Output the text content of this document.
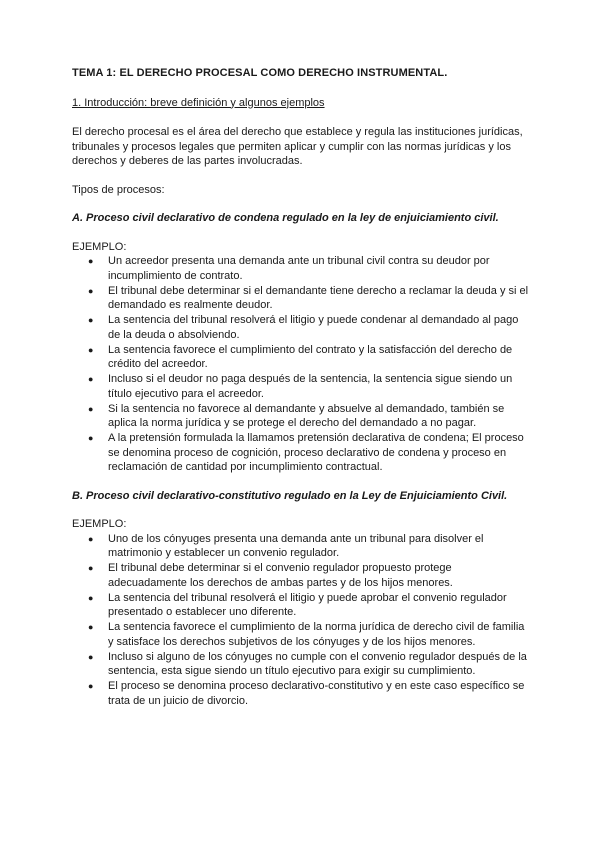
TEMA 1: EL DERECHO PROCESAL COMO DERECHO INSTRUMENTAL.
1. Introducción: breve definición y algunos ejemplos
El derecho procesal es el área del derecho que establece y regula las instituciones jurídicas, tribunales y procesos legales que permiten aplicar y cumplir con las normas jurídicas y los derechos y deberes de las partes involucradas.
Tipos de procesos:
A. Proceso civil declarativo de condena regulado en la ley de enjuiciamiento civil.
EJEMPLO:
● Un acreedor presenta una demanda ante un tribunal civil contra su deudor por incumplimiento de contrato.
● El tribunal debe determinar si el demandante tiene derecho a reclamar la deuda y si el demandado es realmente deudor.
● La sentencia del tribunal resolverá el litigio y puede condenar al demandado al pago de la deuda o absolviendo.
● La sentencia favorece el cumplimiento del contrato y la satisfacción del derecho de crédito del acreedor.
● Incluso si el deudor no paga después de la sentencia, la sentencia sigue siendo un título ejecutivo para el acreedor.
● Si la sentencia no favorece al demandante y absuelve al demandado, también se aplica la norma jurídica y se protege el derecho del demandado a no pagar.
● A la pretensión formulada la llamamos pretensión declarativa de condena; El proceso se denomina proceso de cognición, proceso declarativo de condena y proceso en reclamación de cantidad por incumplimiento contractual.
B. Proceso civil declarativo-constitutivo regulado en la Ley de Enjuiciamiento Civil.
EJEMPLO:
● Uno de los cónyuges presenta una demanda ante un tribunal para disolver el matrimonio y establecer un convenio regulador.
● El tribunal debe determinar si el convenio regulador propuesto protege adecuadamente los derechos de ambas partes y de los hijos menores.
● La sentencia del tribunal resolverá el litigio y puede aprobar el convenio regulador presentado o establecer uno diferente.
● La sentencia favorece el cumplimiento de la norma jurídica de derecho civil de familia y satisface los derechos subjetivos de los cónyuges y de los hijos menores.
● Incluso si alguno de los cónyuges no cumple con el convenio regulador después de la sentencia, esta sigue siendo un título ejecutivo para exigir su cumplimiento.
● El proceso se denomina proceso declarativo-constitutivo y en este caso específico se trata de un juicio de divorcio.
